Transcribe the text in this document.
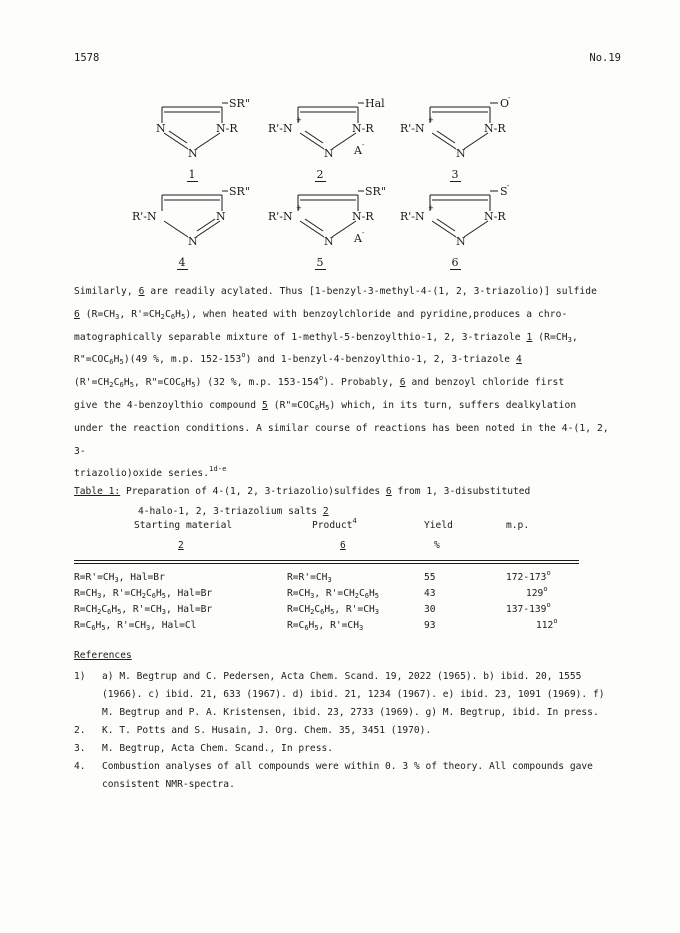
1578	No.19
SR"
N	N-R
N
1
Hal
R'-N
+
N-R
N A -
2
O
-
R'-N
+
N-R
N
3
SR"
R'-N	N
N
4
SR"
R'-N
+
N-R
N A -
5
S -
R'-N
+
N-R
N
6
Similarly, 6 are readily acylated. Thus [1-benzyl-3-methyl-4-(1, 2, 3-triazolio)] sulfide
6 ($R=CH_3$, $R'=CH_2C_6H_5$), when heated with benzoylchloride and pyridine,produces a chro-
matographically separable mixture of 1-methyl-5-benzoylthio-1, 2, 3-triazole 1 ($R=CH_3$,
$R"=COC_6H_5)(49$ %, m.p. 152-153$^o$) and 1-benzyl-4-benzoylthio-1, 2, 3-triazole 4
($R'=CH_2C_6H_5$, $R"=COC_6H_5$) (32 %, m.p. 153-154$^o$). Probably, 6 and benzoyl chloride first
give the 4-benzoylthio compound 5 $(R"=COC_6H_5)$ which, in its turn, suffers dealkylation
under the reaction conditions. A similar course of reactions has been noted in the 4-(1, 2, 3-
triazolio)oxide series.$^{1d-e}$
Table 1: Preparation of 4-(1, 2, 3-triazolio)sulfides 6 from 1, 3-disubstituted
4-halo-1, 2, 3-triazolium salts 2
Starting material
2
Product$^4$
6
Yield
%
m.p.
$R=R'=CH_3$, Hal=Br	$R=R'=CH_3$	55	172-173$^o$
$R=CH_3$, $R'=CH_2C_6H_5$, Hal=Br	$R=CH_3$, $R'=CH_2C_6H_5$	43	129$^o$
$R=CH_2C_6H_5$, $R'=CH_3$, Hal=Br	$R=CH_2C_6H_5$, $R'=CH_3$	30	137-139$^o$
$R=C_6H_5$, $R'=CH_3$, Hal=Cl	$R=C_6H_5$, $R'=CH_3$	93	112$^o$
References
1) a) M. Begtrup and C. Pedersen, Acta Chem. Scand. 19, 2022 (1965). b) ibid. 20, 1555 (1966). c) ibid. 21, 633 (1967). d) ibid. 21, 1234 (1967). e) ibid. 23, 1091 (1969). f) M. Begtrup and P. A. Kristensen, ibid. 23, 2733 (1969). g) M. Begtrup, ibid. In press.
2. K. T. Potts and S. Husain, J. Org. Chem. 35, 3451 (1970).
3. M. Begtrup, Acta Chem. Scand., In press.
4. Combustion analyses of all compounds were within 0. 3 % of theory. All compounds gave consistent NMR-spectra.
